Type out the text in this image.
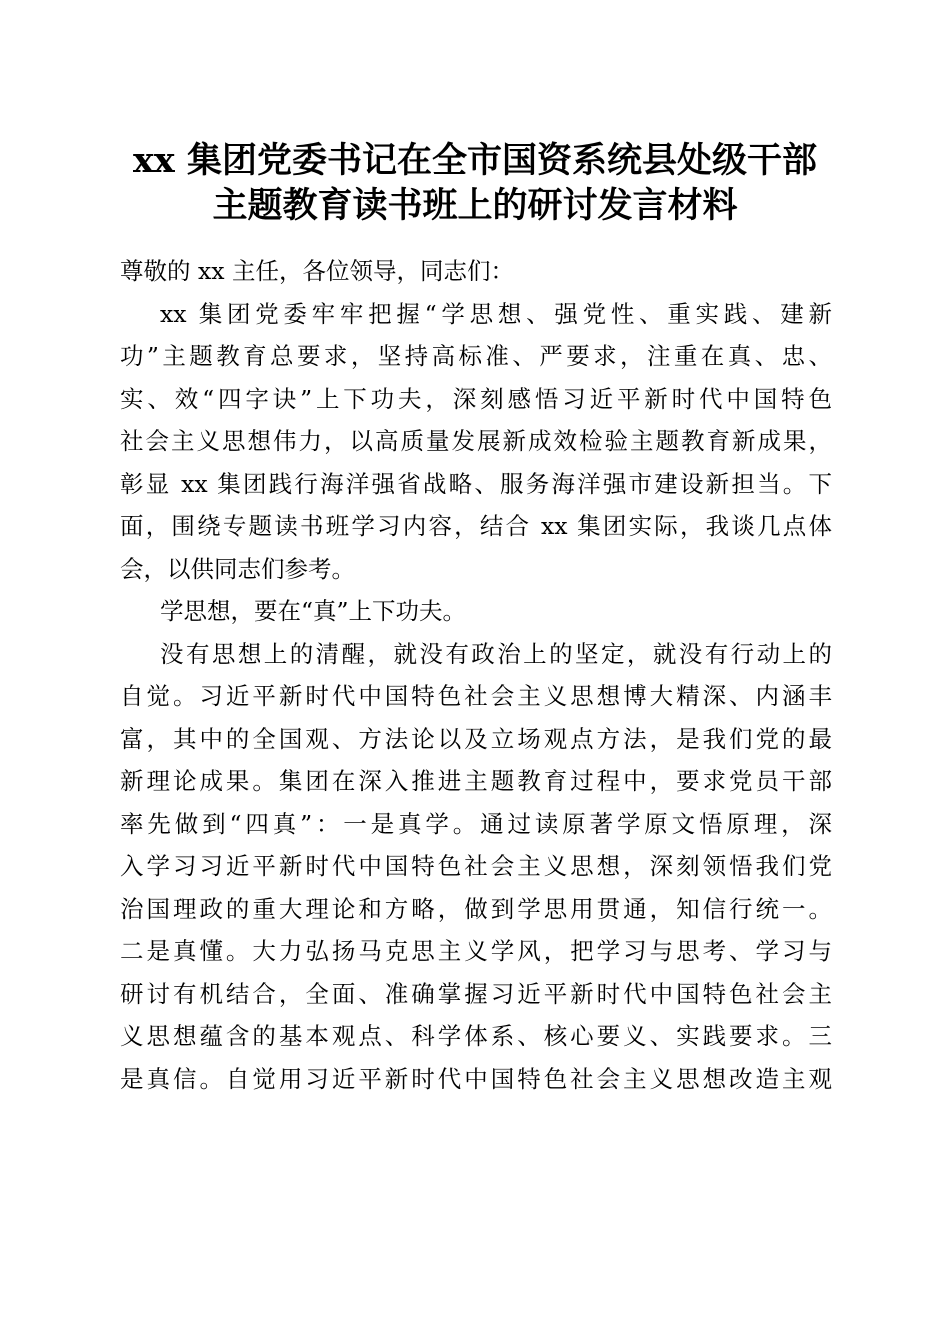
xx 集团党委书记在全市国资系统县处级干部
主题教育读书班上的研讨发言材料
尊敬的 xx 主任，各位领导，同志们：
xx 集团党委牢牢把握“学思想、强党性、重实践、建新
功”主题教育总要求，坚持高标准、严要求，注重在真、忠、
实、效“四字诀”上下功夫，深刻感悟习近平新时代中国特色
社会主义思想伟力，以高质量发展新成效检验主题教育新成果，
彰显 xx 集团践行海洋强省战略、服务海洋强市建设新担当。下
面，围绕专题读书班学习内容，结合 xx 集团实际，我谈几点体
会，以供同志们参考。
学思想，要在“真”上下功夫。
没有思想上的清醒，就没有政治上的坚定，就没有行动上的
自觉。习近平新时代中国特色社会主义思想博大精深、内涵丰
富，其中的全国观、方法论以及立场观点方法，是我们党的最
新理论成果。集团在深入推进主题教育过程中，要求党员干部
率先做到“四真”：一是真学。通过读原著学原文悟原理，深
入学习习近平新时代中国特色社会主义思想，深刻领悟我们党
治国理政的重大理论和方略，做到学思用贯通，知信行统一。
二是真懂。大力弘扬马克思主义学风，把学习与思考、学习与
研讨有机结合，全面、准确掌握习近平新时代中国特色社会主
义思想蕴含的基本观点、科学体系、核心要义、实践要求。三
是真信。自觉用习近平新时代中国特色社会主义思想改造主观
